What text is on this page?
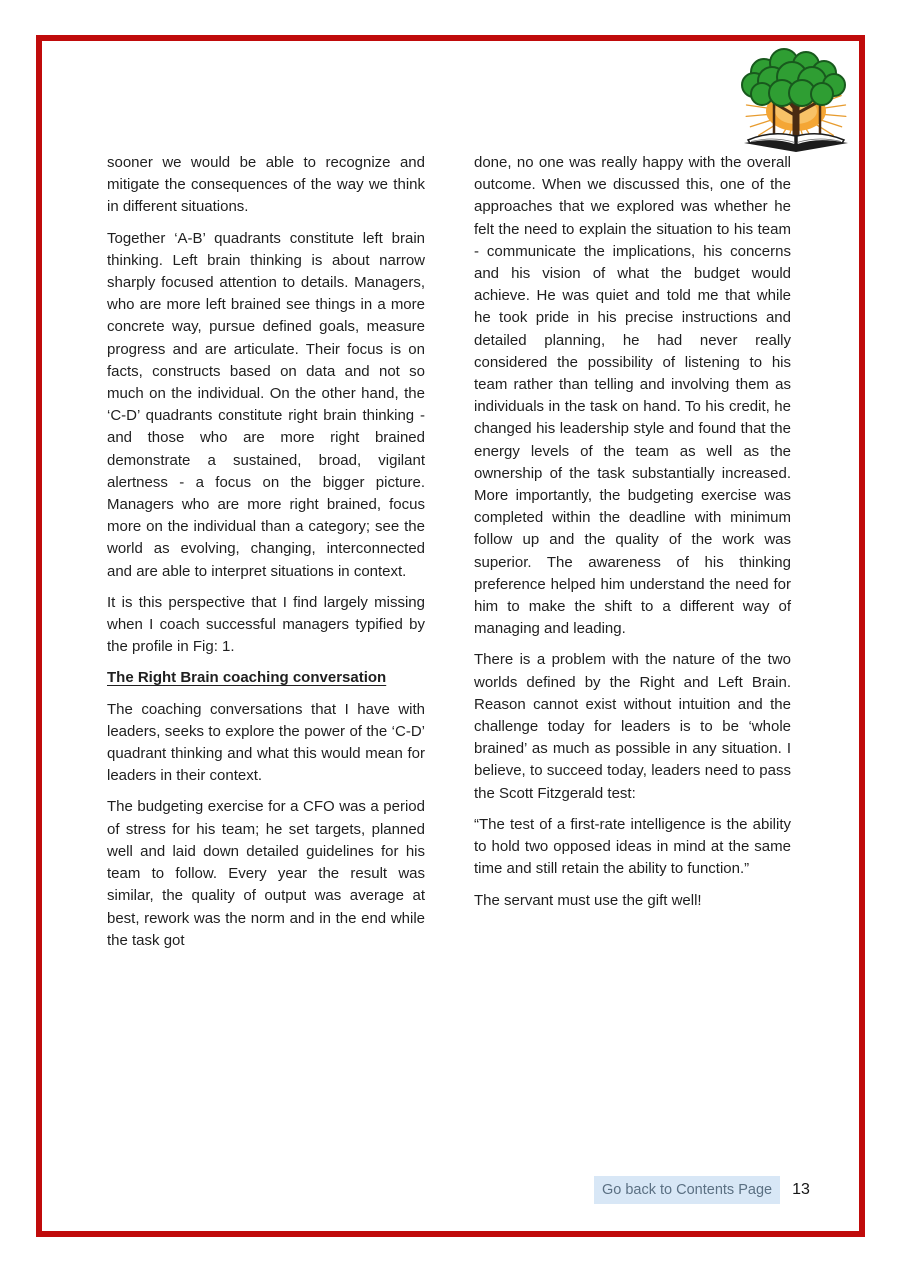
sooner we would be able to recognize and mitigate the consequences of the way we think in different situations.

Together ‘A-B’ quadrants constitute left brain thinking. Left brain thinking is about narrow sharply focused attention to details. Managers, who are more left brained see things in a more concrete way, pursue defined goals, measure progress and are articulate. Their focus is on facts, constructs based on data and not so much on the individual. On the other hand, the ‘C-D’ quadrants constitute right brain thinking - and those who are more right brained demonstrate a sustained, broad, vigilant alertness - a focus on the bigger picture. Managers who are more right brained, focus more on the individual than a category; see the world as evolving, changing, interconnected and are able to interpret situations in context.

It is this perspective that I find largely missing when I coach successful managers typified by the profile in Fig: 1.

The Right Brain coaching conversation

The coaching conversations that I have with leaders, seeks to explore the power of the ‘C-D’ quadrant thinking and what this would mean for leaders in their context.

The budgeting exercise for a CFO was a period of stress for his team; he set targets, planned well and laid down detailed guidelines for his team to follow. Every year the result was similar, the quality of output was average at best, rework was the norm and in the end while the task got

done, no one was really happy with the overall outcome. When we discussed this, one of the approaches that we explored was whether he felt the need to explain the situation to his team - communicate the implications, his concerns and his vision of what the budget would achieve. He was quiet and told me that while he took pride in his precise instructions and detailed planning, he had never really considered the possibility of listening to his team rather than telling and involving them as individuals in the task on hand. To his credit, he changed his leadership style and found that the energy levels of the team as well as the ownership of the task substantially increased. More importantly, the budgeting exercise was completed within the deadline with minimum follow up and the quality of the work was superior. The awareness of his thinking preference helped him understand the need for him to make the shift to a different way of managing and leading.

There is a problem with the nature of the two worlds defined by the Right and Left Brain. Reason cannot exist without intuition and the challenge today for leaders is to be ‘whole brained’ as much as possible in any situation. I believe, to succeed today, leaders need to pass the Scott Fitzgerald test:

“The test of a first-rate intelligence is the ability to hold two opposed ideas in mind at the same time and still retain the ability to function.”

The servant must use the gift well!

Go back to Contents Page	13
